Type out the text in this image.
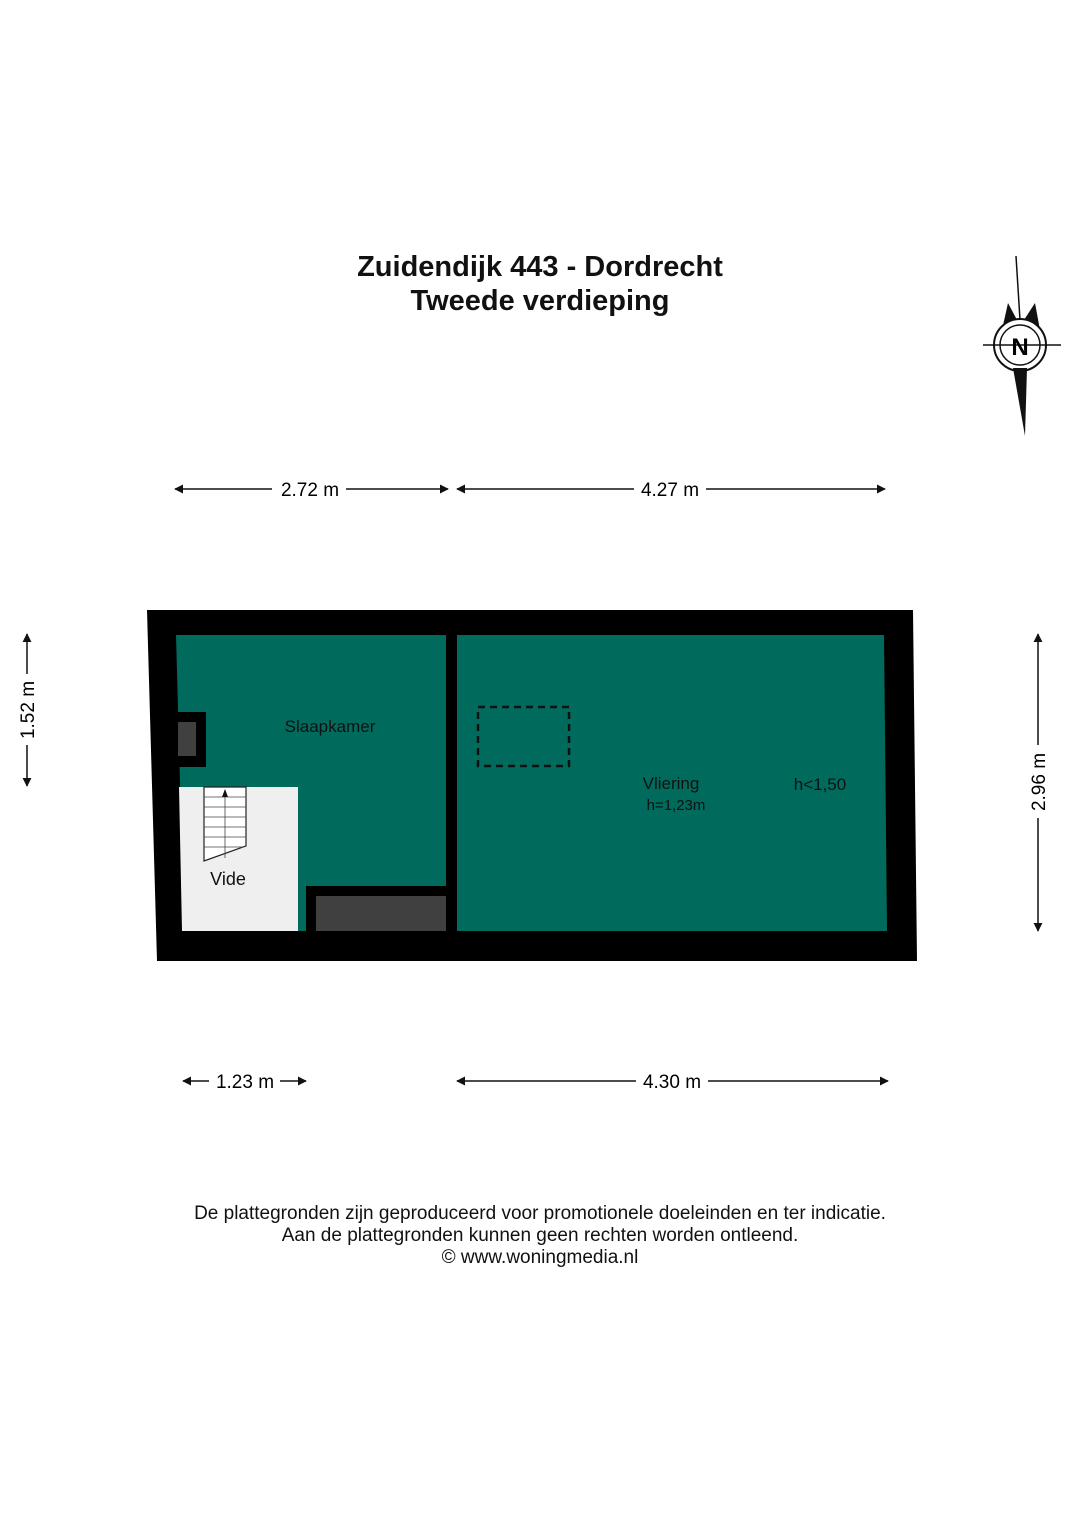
Zuidendijk 443 - Dordrecht
Tweede verdieping
N
2.72 m	4.27 m
1.23 m	4.30 m
1.52 m
2.96 m
Slaapkamer
Vide
Vliering
h=1,23m
h<1,50
De plattegronden zijn geproduceerd voor promotionele doeleinden en ter indicatie.
Aan de plattegronden kunnen geen rechten worden ontleend.
© www.woningmedia.nl
